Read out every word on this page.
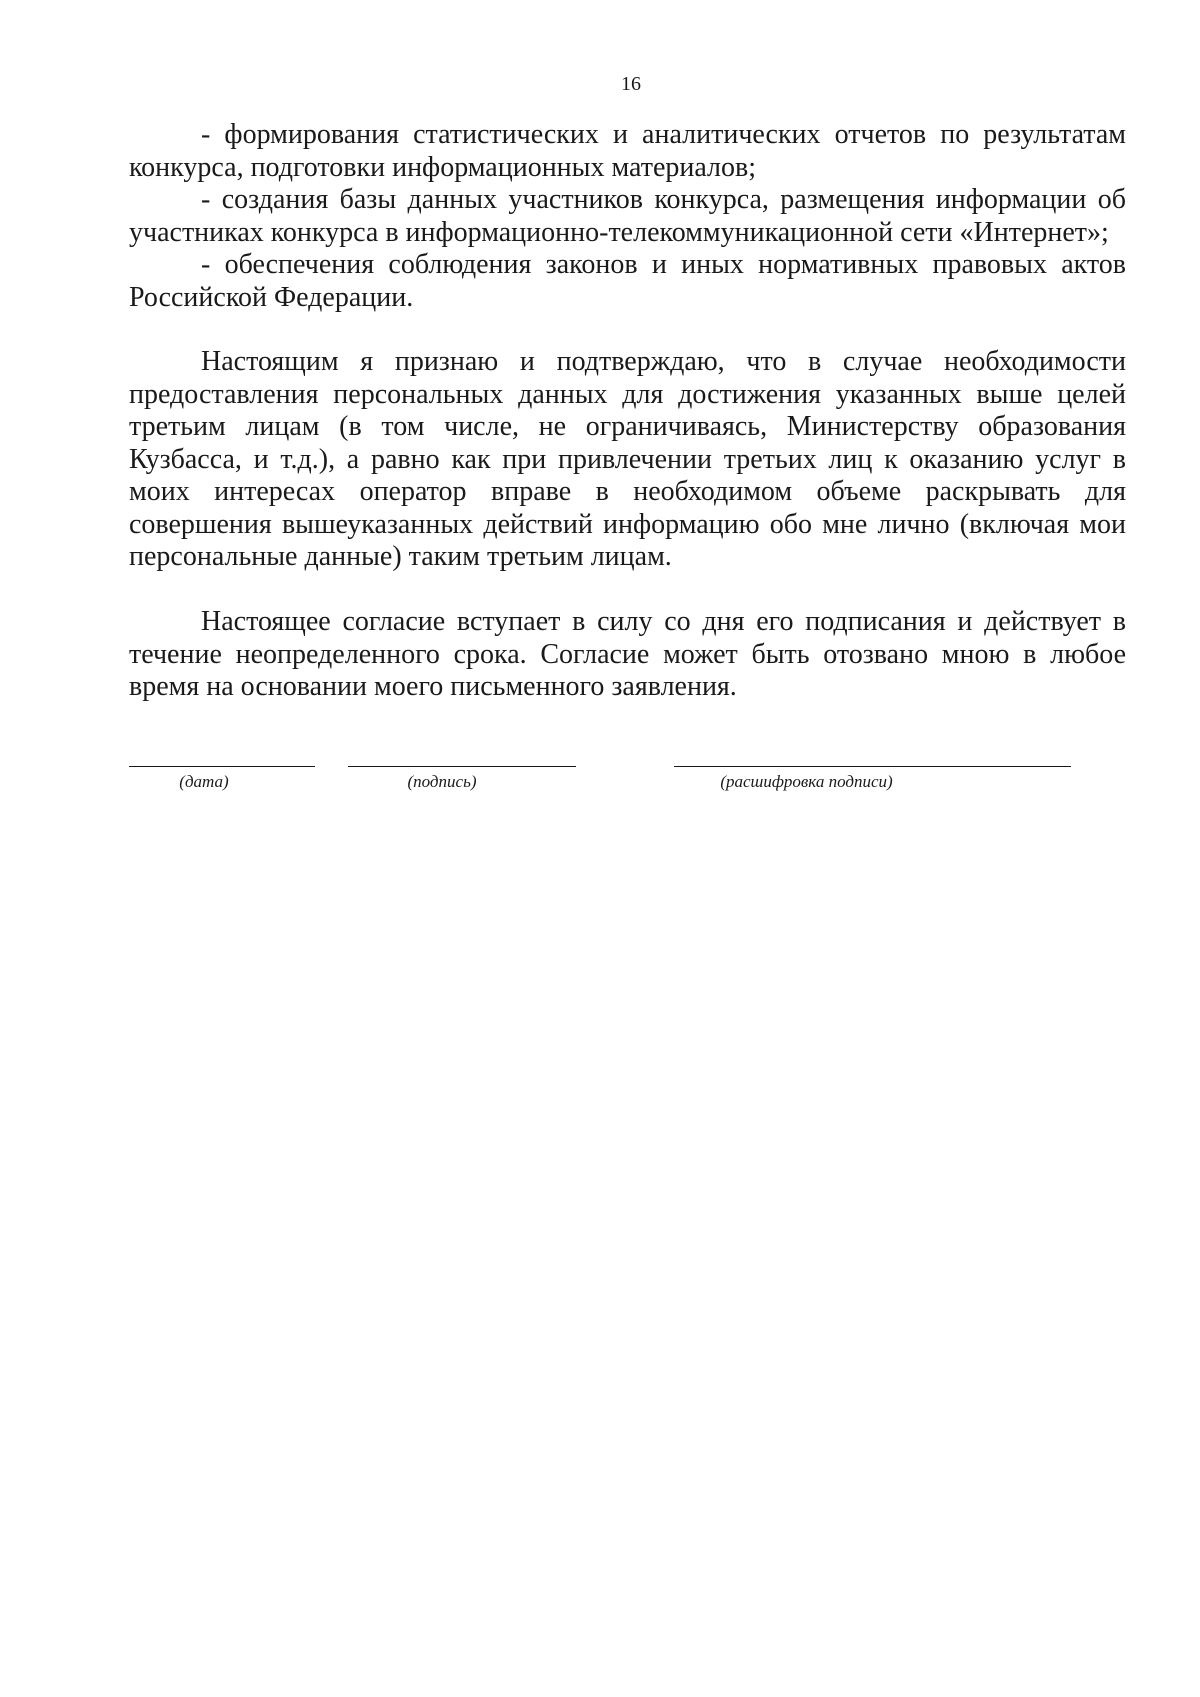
16

- формирования статистических и аналитических отчетов по результатам конкурса, подготовки информационных материалов;

- создания базы данных участников конкурса, размещения информации об участниках конкурса в информационно-телекоммуникационной сети «Интернет»;

- обеспечения соблюдения законов и иных нормативных правовых актов Российской Федерации.

Настоящим я признаю и подтверждаю, что в случае необходимости предоставления персональных данных для достижения указанных выше целей третьим лицам (в том числе, не ограничиваясь, Министерству образования Кузбасса, и т.д.), а равно как при привлечении третьих лиц к оказанию услуг в моих интересах оператор вправе в необходимом объеме раскрывать для совершения вышеуказанных действий информацию обо мне лично (включая мои персональные данные) таким третьим лицам.

Настоящее согласие вступает в силу со дня его подписания и действует в течение неопределенного срока. Согласие может быть отозвано мною в любое время на основании моего письменного заявления.

(дата)	(подпись)	(расшифровка подписи)
